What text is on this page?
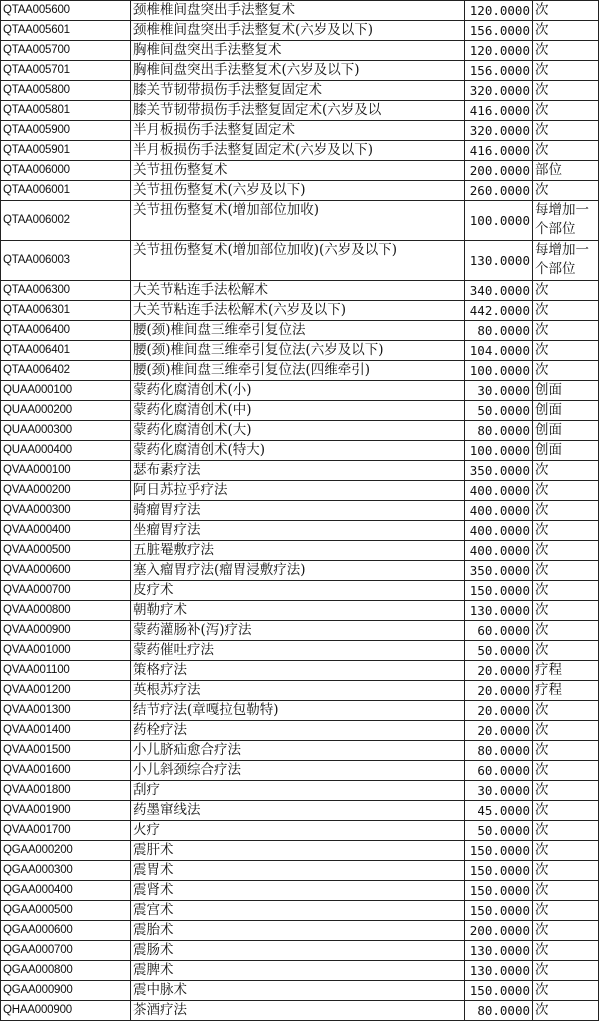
QTAA005600	颈椎椎间盘突出手法整复术	120.0000	次
QTAA005601	颈椎椎间盘突出手法整复术(六岁及以下)	156.0000	次
QTAA005700	胸椎间盘突出手法整复术	120.0000	次
QTAA005701	胸椎间盘突出手法整复术(六岁及以下)	156.0000	次
QTAA005800	膝关节韧带损伤手法整复固定术	320.0000	次
QTAA005801	膝关节韧带损伤手法整复固定术(六岁及以	416.0000	次
QTAA005900	半月板损伤手法整复固定术	320.0000	次
QTAA005901	半月板损伤手法整复固定术(六岁及以下)	416.0000	次
QTAA006000	关节扭伤整复术	200.0000	部位
QTAA006001	关节扭伤整复术(六岁及以下)	260.0000	次
QTAA006002	关节扭伤整复术(增加部位加收)	100.0000	每增加一个部位
QTAA006003	关节扭伤整复术(增加部位加收)(六岁及以下)	130.0000	每增加一个部位
QTAA006300	大关节粘连手法松解术	340.0000	次
QTAA006301	大关节粘连手法松解术(六岁及以下)	442.0000	次
QTAA006400	腰(颈)椎间盘三维牵引复位法	80.0000	次
QTAA006401	腰(颈)椎间盘三维牵引复位法(六岁及以下)	104.0000	次
QTAA006402	腰(颈)椎间盘三维牵引复位法(四维牵引)	100.0000	次
QUAA000100	蒙药化腐清创术(小)	30.0000	创面
QUAA000200	蒙药化腐清创术(中)	50.0000	创面
QUAA000300	蒙药化腐清创术(大)	80.0000	创面
QUAA000400	蒙药化腐清创术(特大)	100.0000	创面
QVAA000100	瑟布素疗法	350.0000	次
QVAA000200	阿日苏拉乎疗法	400.0000	次
QVAA000300	骑瘤胃疗法	400.0000	次
QVAA000400	坐瘤胃疗法	400.0000	次
QVAA000500	五脏罨敷疗法	400.0000	次
QVAA000600	塞入瘤胃疗法(瘤胃浸敷疗法)	350.0000	次
QVAA000700	皮疗术	150.0000	次
QVAA000800	朝勒疗术	130.0000	次
QVAA000900	蒙药灌肠补(泻)疗法	60.0000	次
QVAA001000	蒙药催吐疗法	50.0000	次
QVAA001100	策格疗法	20.0000	疗程
QVAA001200	英根苏疗法	20.0000	疗程
QVAA001300	结节疗法(章嘎拉包勒特)	20.0000	次
QVAA001400	药栓疗法	20.0000	次
QVAA001500	小儿脐疝愈合疗法	80.0000	次
QVAA001600	小儿斜颈综合疗法	60.0000	次
QVAA001800	刮疗	30.0000	次
QVAA001900	药墨窜线法	45.0000	次
QVAA001700	火疗	50.0000	次
QGAA000200	震肝术	150.0000	次
QGAA000300	震胃术	150.0000	次
QGAA000400	震肾术	150.0000	次
QGAA000500	震宫术	150.0000	次
QGAA000600	震胎术	200.0000	次
QGAA000700	震肠术	130.0000	次
QGAA000800	震脾术	130.0000	次
QGAA000900	震中脉术	150.0000	次
QHAA000900	茶酒疗法	80.0000	次
